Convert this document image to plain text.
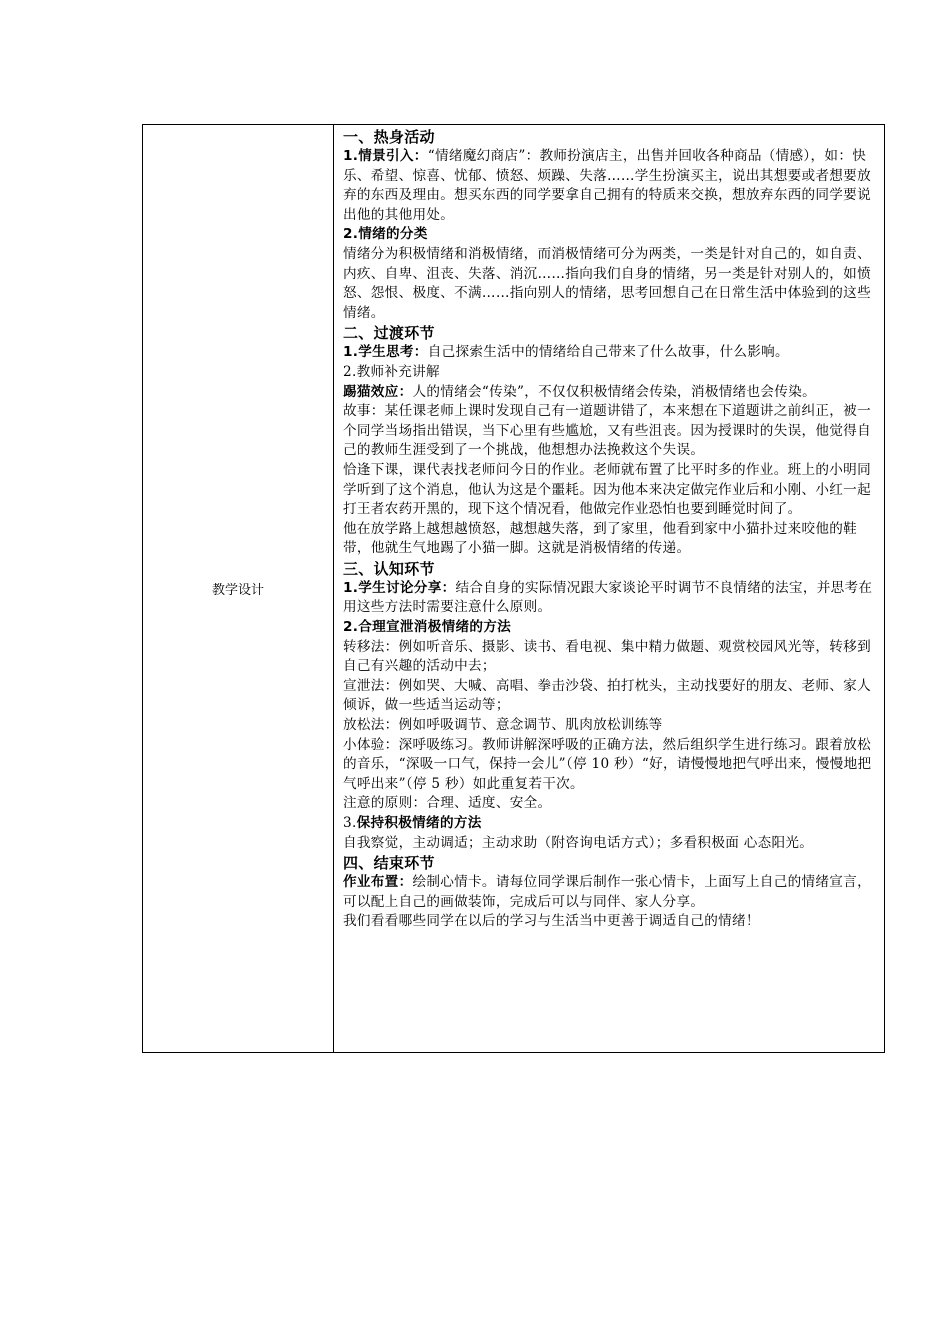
教学设计

一、热身活动

1.情景引入：“情绪魔幻商店”：教师扮演店主，出售并回收各种商品（情感），如：快乐、希望、惊喜、忧郁、愤怒、烦躁、失落……学生扮演买主，说出其想要或者想要放弃的东西及理由。想买东西的同学要拿自己拥有的特质来交换，想放弃东西的同学要说出他的其他用处。

2.情绪的分类

情绪分为积极情绪和消极情绪，而消极情绪可分为两类，一类是针对自己的，如自责、内疚、自卑、沮丧、失落、消沉……指向我们自身的情绪，另一类是针对别人的，如愤怒、怨恨、极度、不满……指向别人的情绪，思考回想自己在日常生活中体验到的这些情绪。

二、过渡环节

1.学生思考：自己探索生活中的情绪给自己带来了什么故事，什么影响。

2.教师补充讲解

踢猫效应：人的情绪会“传染”，不仅仅积极情绪会传染，消极情绪也会传染。

故事：某任课老师上课时发现自己有一道题讲错了，本来想在下道题讲之前纠正，被一个同学当场指出错误，当下心里有些尴尬，又有些沮丧。因为授课时的失误，他觉得自己的教师生涯受到了一个挑战，他想想办法挽救这个失误。

恰逢下课，课代表找老师问今日的作业。老师就布置了比平时多的作业。班上的小明同学听到了这个消息，他认为这是个噩耗。因为他本来决定做完作业后和小刚、小红一起打王者农药开黑的，现下这个情况看，他做完作业恐怕也要到睡觉时间了。

他在放学路上越想越愤怒，越想越失落，到了家里，他看到家中小猫扑过来咬他的鞋带，他就生气地踢了小猫一脚。这就是消极情绪的传递。

三、认知环节

1.学生讨论分享：结合自身的实际情况跟大家谈论平时调节不良情绪的法宝，并思考在用这些方法时需要注意什么原则。

2.合理宣泄消极情绪的方法

转移法：例如听音乐、摄影、读书、看电视、集中精力做题、观赏校园风光等，转移到自己有兴趣的活动中去；

宣泄法：例如哭、大喊、高唱、拳击沙袋、拍打枕头，主动找要好的朋友、老师、家人倾诉，做一些适当运动等；

放松法：例如呼吸调节、意念调节、肌肉放松训练等

小体验：深呼吸练习。教师讲解深呼吸的正确方法，然后组织学生进行练习。跟着放松的音乐，“深吸一口气，保持一会儿”（停 10 秒）“好，请慢慢地把气呼出来，慢慢地把气呼出来”（停 5 秒）如此重复若干次。

注意的原则：合理、适度、安全。

3.保持积极情绪的方法

自我察觉，主动调适；主动求助（附咨询电话方式）；多看积极面 心态阳光。

四、结束环节

作业布置：绘制心情卡。请每位同学课后制作一张心情卡，上面写上自己的情绪宣言，可以配上自己的画做装饰，完成后可以与同伴、家人分享。

我们看看哪些同学在以后的学习与生活当中更善于调适自己的情绪！
